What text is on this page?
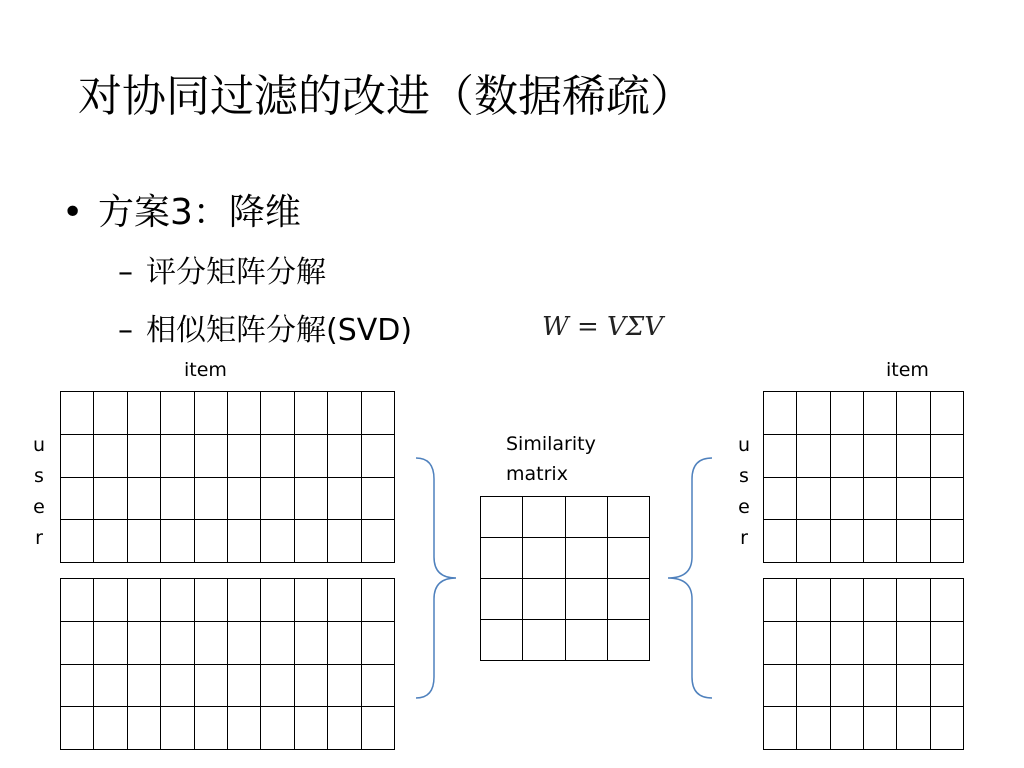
对协同过滤的改进（数据稀疏）
• 方案3：降维
– 评分矩阵分解
– 相似矩阵分解(SVD)	W = VΣV
item	item
Similarity matrix
u
s
e
r
u
s
e
r
